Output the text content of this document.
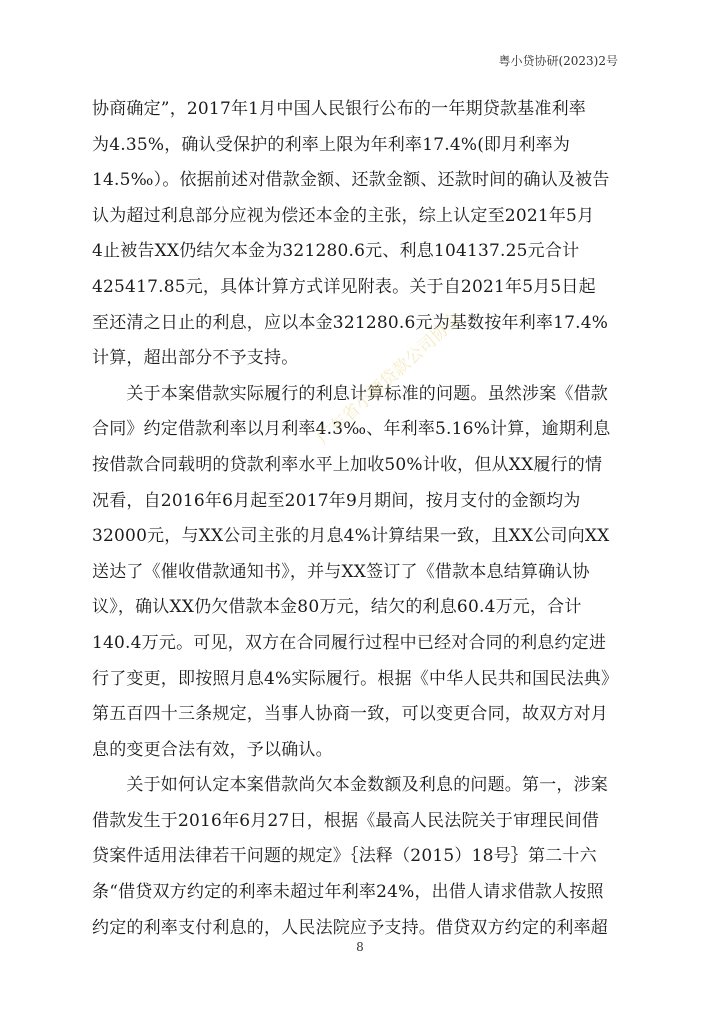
粤小贷协研(2023)2号
协商确定”，2017年1月中国人民银行公布的一年期贷款基准利率
为4.35%，确认受保护的利率上限为年利率17.4%(即月利率为
14.5‰）。依据前述对借款金额、还款金额、还款时间的确认及被告
认为超过利息部分应视为偿还本金的主张，综上认定至2021年5月
4止被告XX仍结欠本金为321280.6元、利息104137.25元合计
425417.85元，具体计算方式详见附表。关于自2021年5月5日起
至还清之日止的利息，应以本金321280.6元为基数按年利率17.4%
计算，超出部分不予支持。
　　关于本案借款实际履行的利息计算标准的问题。虽然涉案《借款
合同》约定借款利率以月利率4.3‰、年利率5.16%计算，逾期利息
按借款合同载明的贷款利率水平上加收50%计收，但从XX履行的情
况看，自2016年6月起至2017年9月期间，按月支付的金额均为
32000元，与XX公司主张的月息4%计算结果一致，且XX公司向XX
送达了《催收借款通知书》，并与XX签订了《借款本息结算确认协
议》，确认XX仍欠借款本金80万元，结欠的利息60.4万元，合计
140.4万元。可见，双方在合同履行过程中已经对合同的利息约定进
行了变更，即按照月息4%实际履行。根据《中华人民共和国民法典》
第五百四十三条规定，当事人协商一致，可以变更合同，故双方对月
息的变更合法有效，予以确认。
　　关于如何认定本案借款尚欠本金数额及利息的问题。第一，涉案
借款发生于2016年6月27日，根据《最高人民法院关于审理民间借
贷案件适用法律若干问题的规定》｛法释（2015）18号｝第二十六
条“借贷双方约定的利率未超过年利率24%，出借人请求借款人按照
约定的利率支付利息的，人民法院应予支持。借贷双方约定的利率超
广东省小额贷款公司协会
8
